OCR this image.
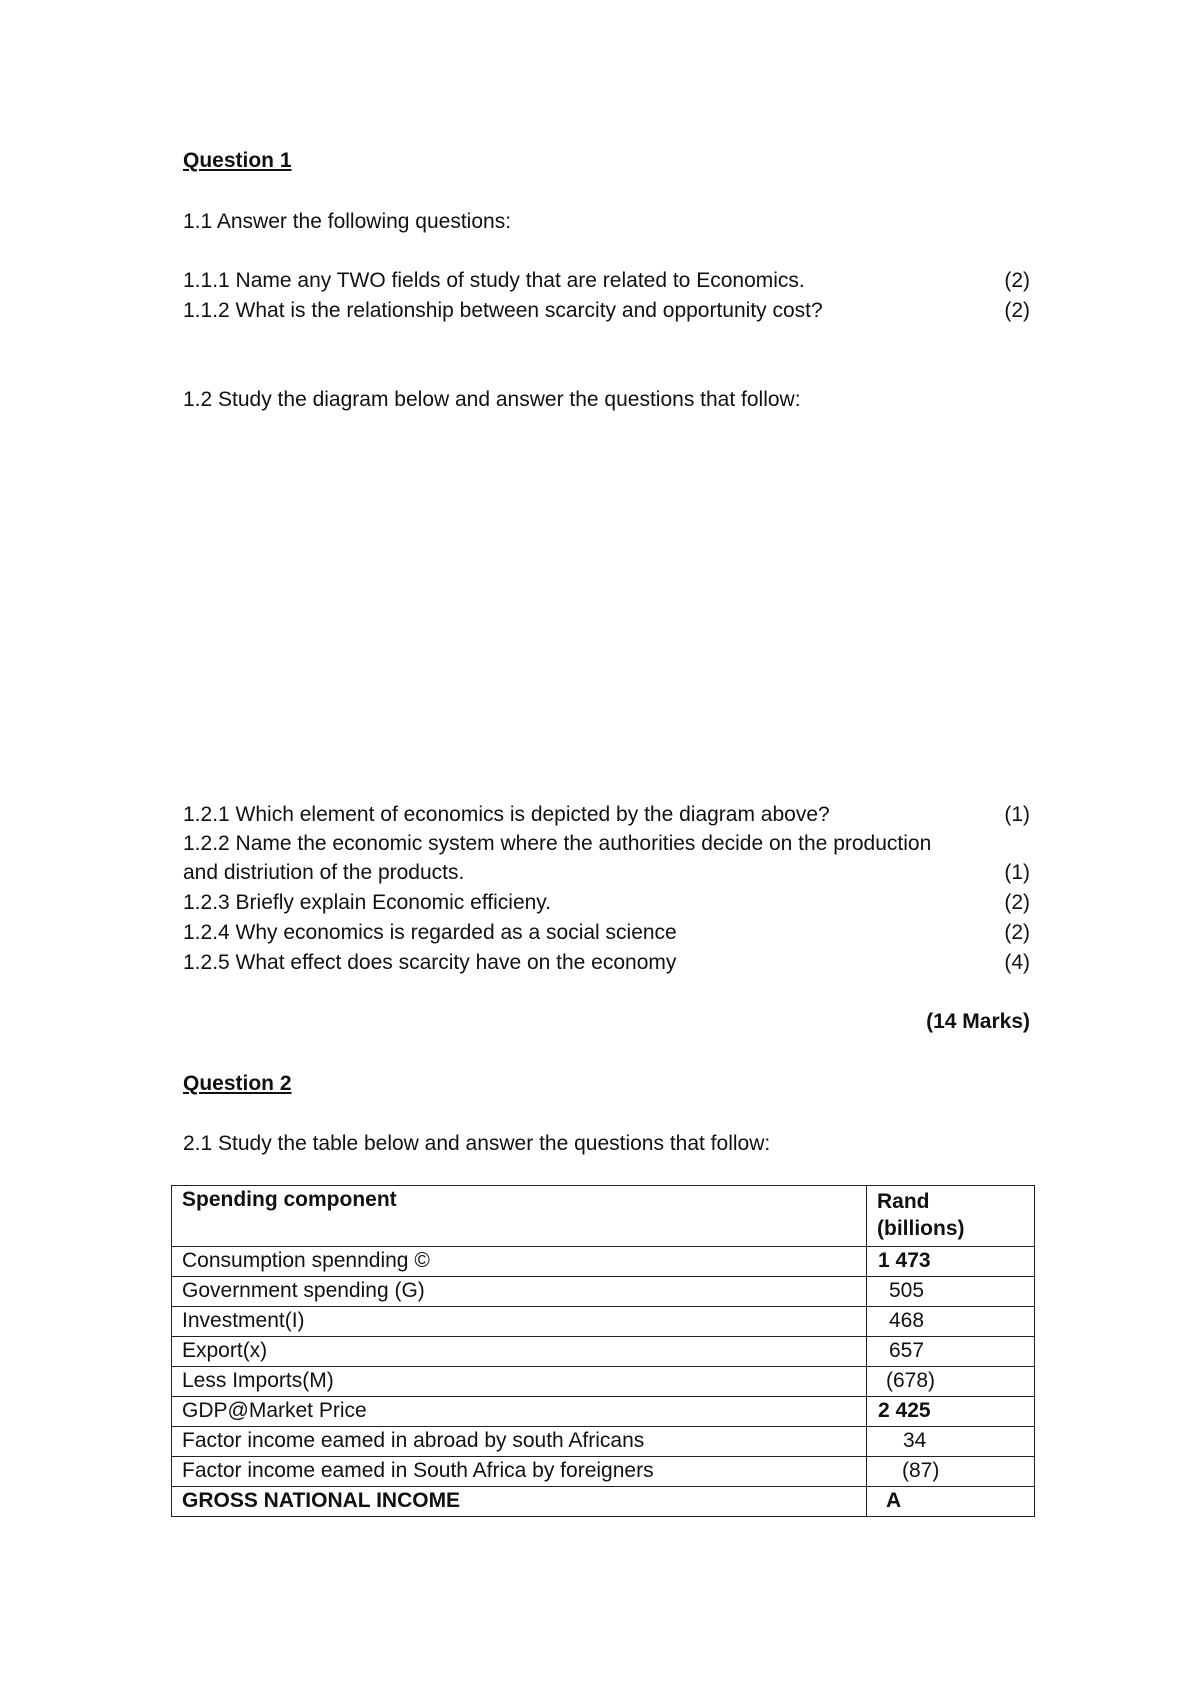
Question 1
1.1 Answer the following questions:
1.1.1 Name any TWO fields of study that are related to Economics.	(2)
1.1.2 What is the relationship between scarcity and opportunity cost?	(2)
1.2 Study the diagram below and answer the questions that follow:
1.2.1 Which element of economics is depicted by the diagram above?	(1)
1.2.2 Name the economic system where the authorities decide on the production
and distriution of the products.	(1)
1.2.3 Briefly explain Economic efficieny.	(2)
1.2.4 Why economics is regarded as a social science	(2)
1.2.5 What effect does scarcity have on the economy	(4)
(14 Marks)
Question 2
2.1 Study the table below and answer the questions that follow:
Spending component	Rand
(billions)
Consumption spennding ©	1 473
Government spending (G)	505
Investment(I)	468
Export(x)	657
Less Imports(M)	(678)
GDP@Market Price	2 425
Factor income eamed in abroad by south Africans	34
Factor income eamed in South Africa by foreigners	(87)
GROSS NATIONAL INCOME	A
